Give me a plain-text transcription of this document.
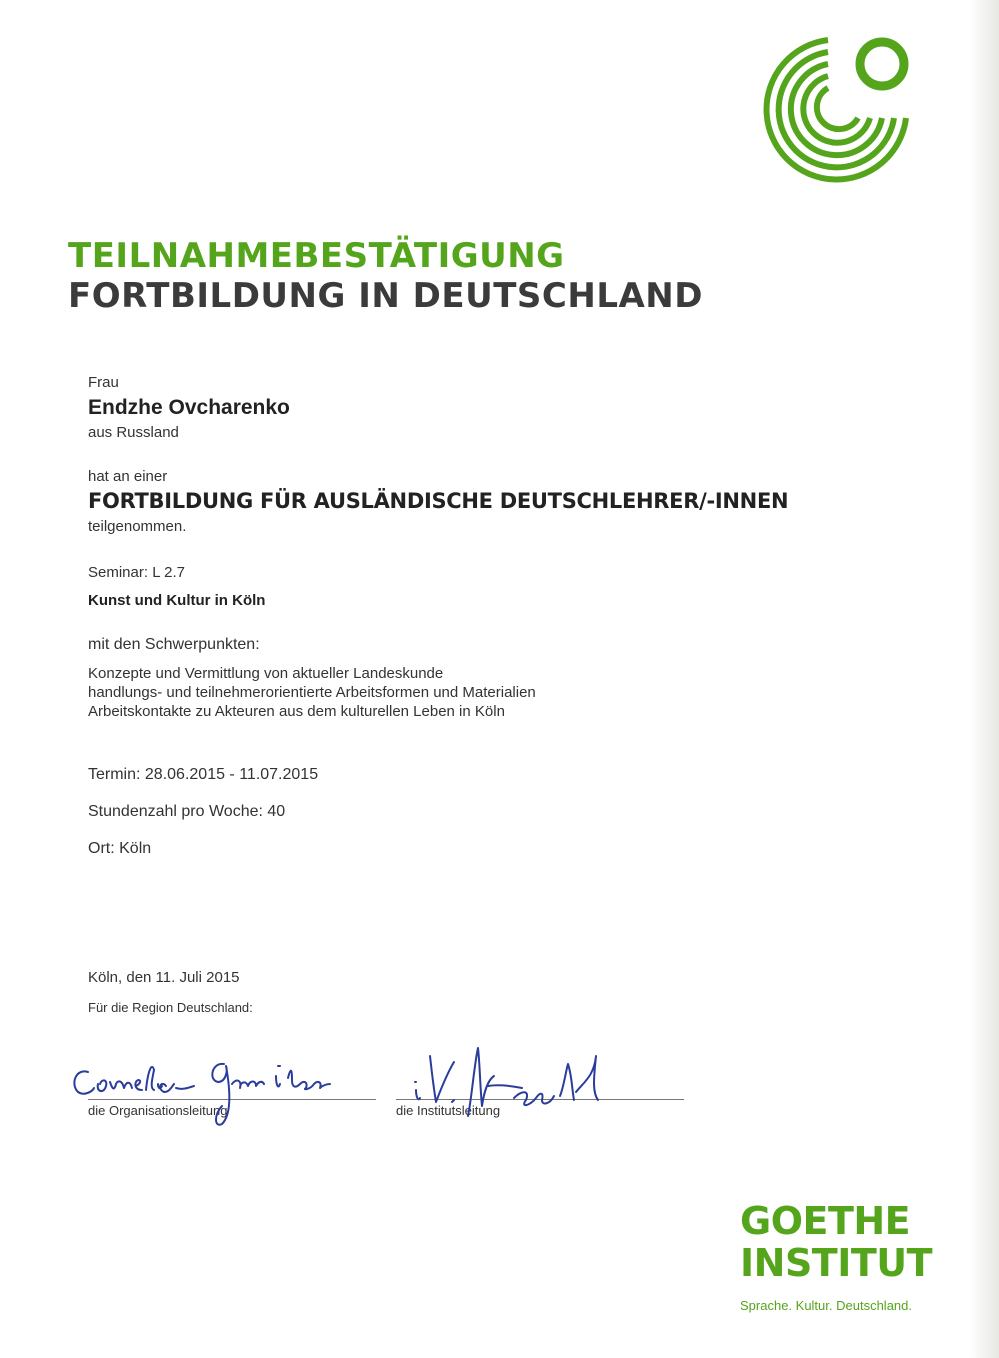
TEILNAHMEBESTÄTIGUNG
FORTBILDUNG IN DEUTSCHLAND
Frau
Endzhe Ovcharenko
aus Russland
hat an einer
FORTBILDUNG FÜR AUSLÄNDISCHE DEUTSCHLEHRER/-INNEN
teilgenommen.
Seminar: L 2.7
Kunst und Kultur in Köln
mit den Schwerpunkten:
Konzepte und Vermittlung von aktueller Landeskunde
handlungs- und teilnehmerorientierte Arbeitsformen und Materialien
Arbeitskontakte zu Akteuren aus dem kulturellen Leben in Köln
Termin: 28.06.2015 - 11.07.2015
Stundenzahl pro Woche: 40
Ort: Köln
Köln, den 11. Juli 2015
Für die Region Deutschland:
die Organisationsleitung	die Institutsleitung
GOETHE
INSTITUT
Sprache. Kultur. Deutschland.
